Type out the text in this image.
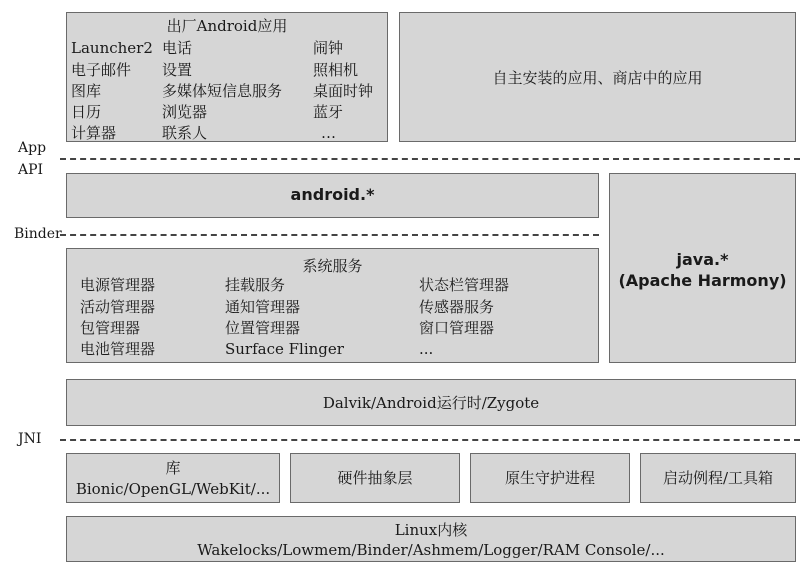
出厂Android应用
Launcher2
电子邮件
图库
日历
计算器
电话
设置
多媒体短信息服务
浏览器
联系人
闹钟
照相机
桌面时钟
蓝牙
…
自主安装的应用、商店中的应用
App
API
android.*
java.*
(Apache Harmony)
Binder
系统服务
电源管理器
活动管理器
包管理器
电池管理器
挂载服务
通知管理器
位置管理器
Surface Flinger
状态栏管理器
传感器服务
窗口管理器
...
Dalvik/Android运行时/Zygote
JNI
库
Bionic/OpenGL/WebKit/...
硬件抽象层	原生守护进程	启动例程/工具箱
Linux内核
Wakelocks/Lowmem/Binder/Ashmem/Logger/RAM Console/...
